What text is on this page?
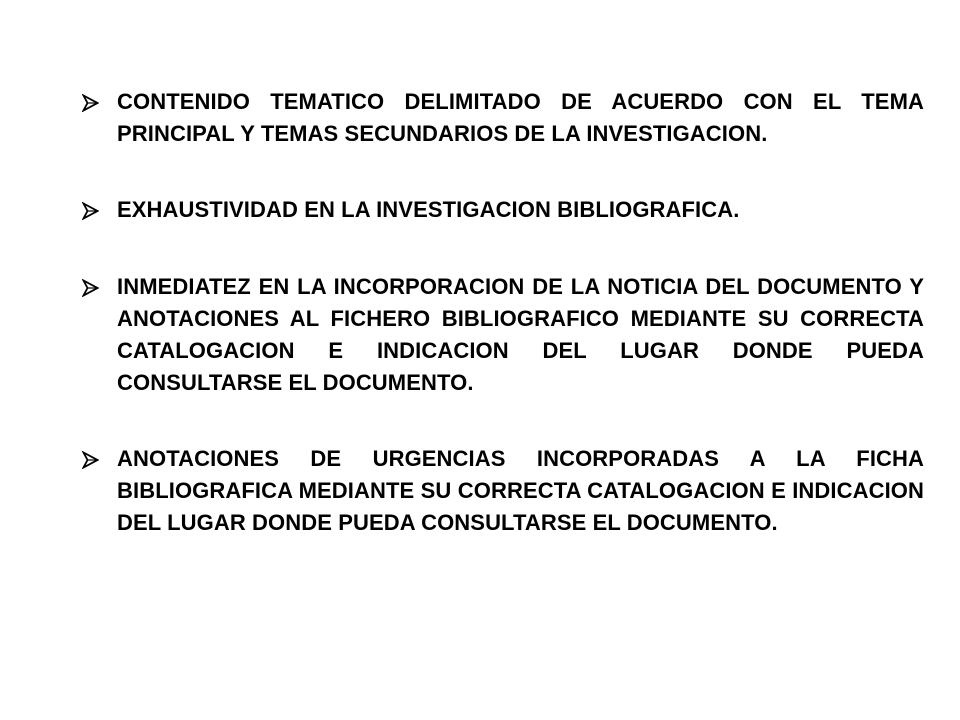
CONTENIDO TEMATICO DELIMITADO DE ACUERDO CON EL TEMA PRINCIPAL Y TEMAS SECUNDARIOS DE LA INVESTIGACION.
EXHAUSTIVIDAD EN LA INVESTIGACION BIBLIOGRAFICA.
INMEDIATEZ EN LA INCORPORACION DE LA NOTICIA DEL DOCUMENTO Y ANOTACIONES AL FICHERO BIBLIOGRAFICO MEDIANTE SU CORRECTA CATALOGACION E INDICACION DEL LUGAR DONDE PUEDA CONSULTARSE EL DOCUMENTO.
ANOTACIONES DE URGENCIAS INCORPORADAS A LA FICHA BIBLIOGRAFICA MEDIANTE SU CORRECTA CATALOGACION E INDICACION DEL LUGAR DONDE PUEDA CONSULTARSE EL DOCUMENTO.
